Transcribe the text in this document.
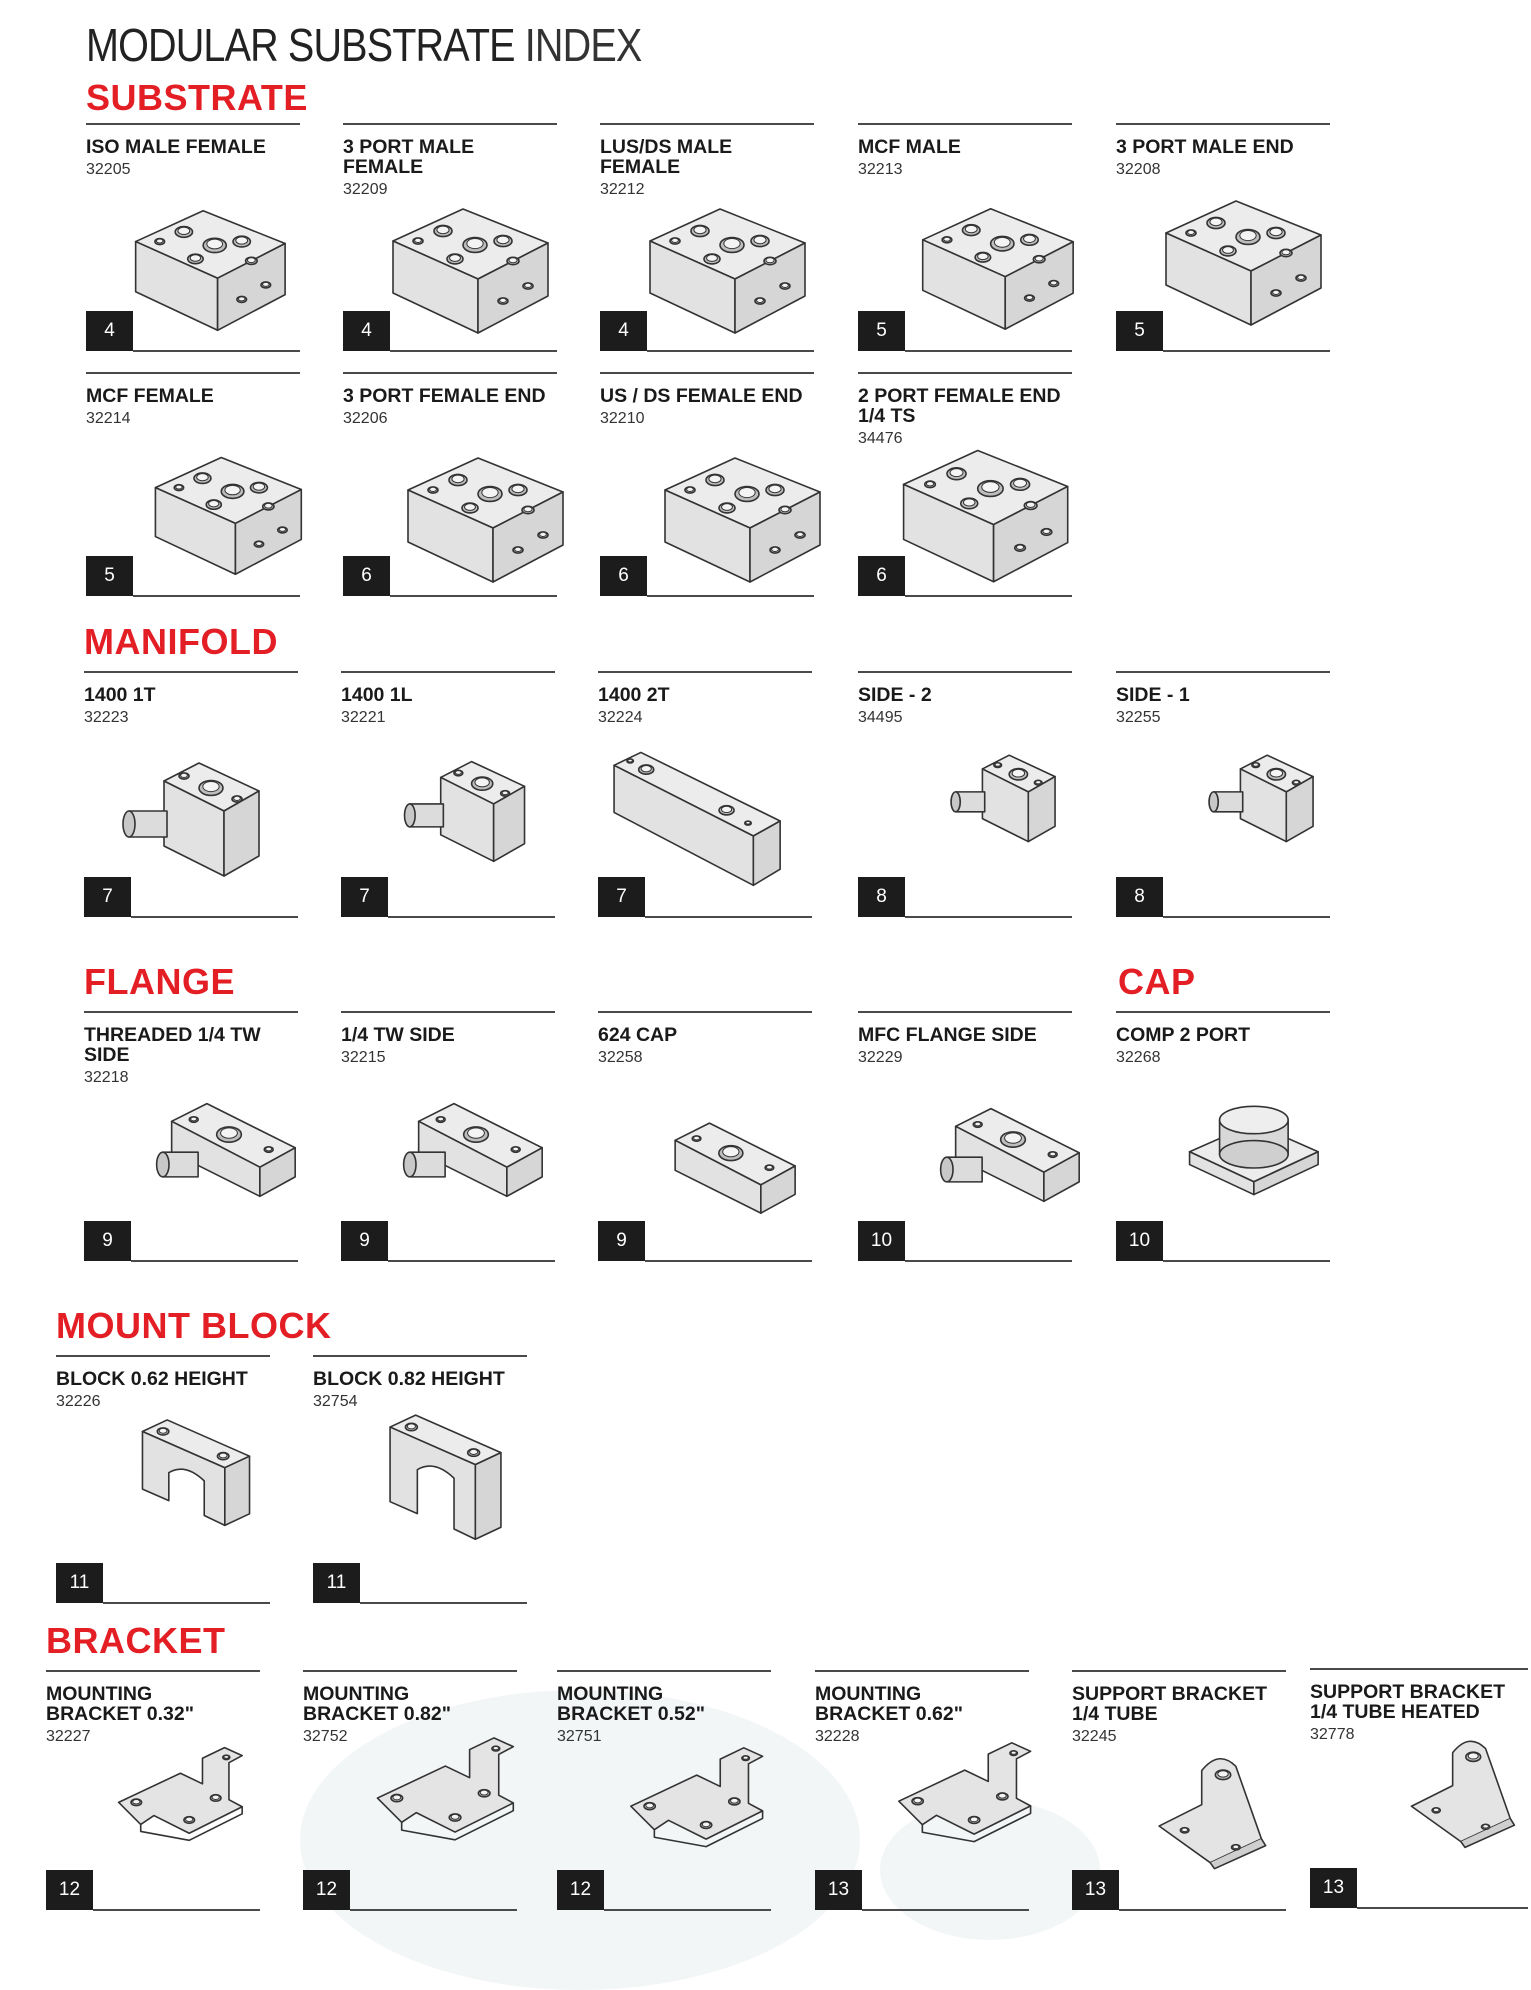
MODULAR SUBSTRATE INDEX
SUBSTRATE
MANIFOLD
FLANGE	CAP
MOUNT BLOCK
BRACKET
ISO MALE FEMALE
32205
4
3 PORT MALE
FEMALE
32209
4
LUS/DS MALE
FEMALE
32212
4
MCF MALE
32213
5
3 PORT MALE END
32208
5
MCF FEMALE
32214
5
3 PORT FEMALE END
32206
6
US / DS FEMALE END
32210
6
2 PORT FEMALE END
1/4 TS
34476
6
1400 1T
32223
7
1400 1L
32221
7
1400 2T
32224
7
SIDE - 2
34495
8
SIDE - 1
32255
8
THREADED 1/4 TW
SIDE
32218
9
1/4 TW SIDE
32215
9
624 CAP
32258
9
MFC FLANGE SIDE
32229
10
COMP 2 PORT
32268
10
BLOCK 0.62 HEIGHT
32226
11
BLOCK 0.82 HEIGHT
32754
11
MOUNTING
BRACKET 0.32"
32227
12
MOUNTING
BRACKET 0.82"
32752
12
MOUNTING
BRACKET 0.52"
32751
12
MOUNTING
BRACKET 0.62"
32228
13
SUPPORT BRACKET
1/4 TUBE
32245
13
SUPPORT BRACKET
1/4 TUBE HEATED
32778
13
